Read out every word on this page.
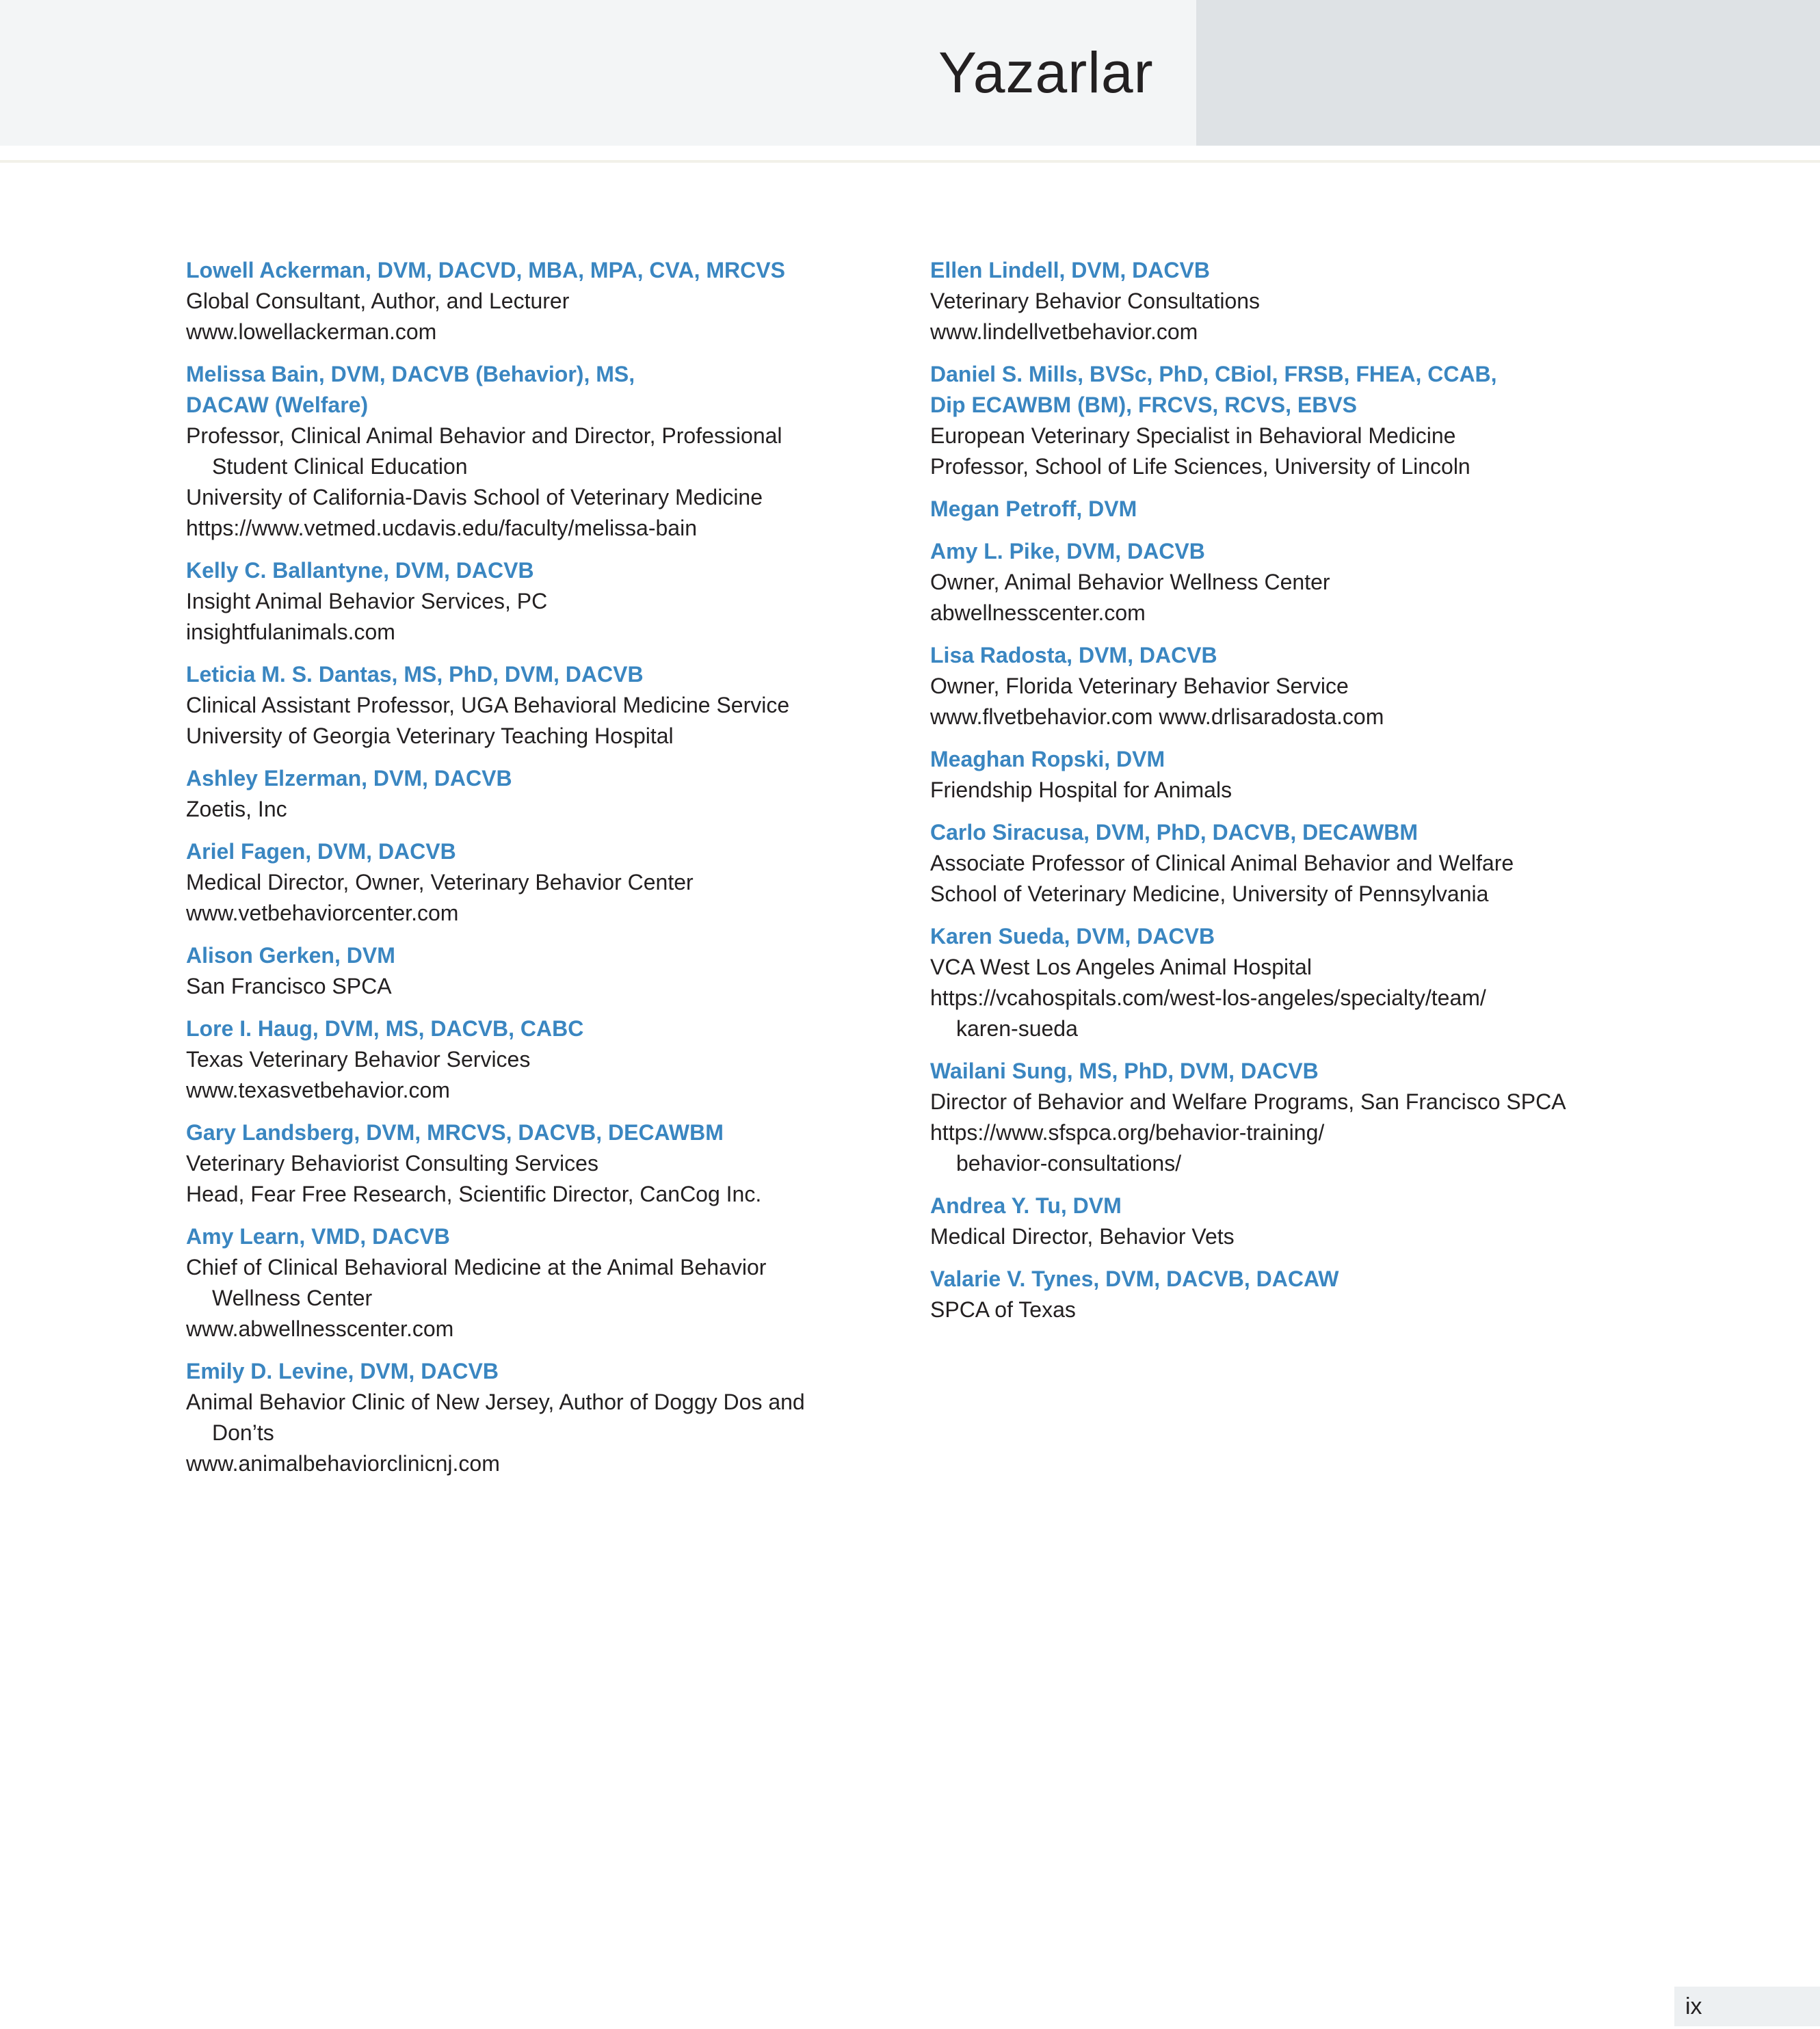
Yazarlar
Lowell Ackerman, DVM, DACVD, MBA, MPA, CVA, MRCVS
Global Consultant, Author, and Lecturer
www.lowellackerman.com
Melissa Bain, DVM, DACVB (Behavior), MS,
DACAW (Welfare)
Professor, Clinical Animal Behavior and Director, Professional
Student Clinical Education
University of California-Davis School of Veterinary Medicine
https://www.vetmed.ucdavis.edu/faculty/melissa-bain
Kelly C. Ballantyne, DVM, DACVB
Insight Animal Behavior Services, PC
insightfulanimals.com
Leticia M. S. Dantas, MS, PhD, DVM, DACVB
Clinical Assistant Professor, UGA Behavioral Medicine Service
University of Georgia Veterinary Teaching Hospital
Ashley Elzerman, DVM, DACVB
Zoetis, Inc
Ariel Fagen, DVM, DACVB
Medical Director, Owner, Veterinary Behavior Center
www.vetbehaviorcenter.com
Alison Gerken, DVM
San Francisco SPCA
Lore I. Haug, DVM, MS, DACVB, CABC
Texas Veterinary Behavior Services
www.texasvetbehavior.com
Gary Landsberg, DVM, MRCVS, DACVB, DECAWBM
Veterinary Behaviorist Consulting Services
Head, Fear Free Research, Scientific Director, CanCog Inc.
Amy Learn, VMD, DACVB
Chief of Clinical Behavioral Medicine at the Animal Behavior
Wellness Center
www.abwellnesscenter.com
Emily D. Levine, DVM, DACVB
Animal Behavior Clinic of New Jersey, Author of Doggy Dos and
Don’ts
www.animalbehaviorclinicnj.com
Ellen Lindell, DVM, DACVB
Veterinary Behavior Consultations
www.lindellvetbehavior.com
Daniel S. Mills, BVSc, PhD, CBiol, FRSB, FHEA, CCAB,
Dip ECAWBM (BM), FRCVS, RCVS, EBVS
European Veterinary Specialist in Behavioral Medicine
Professor, School of Life Sciences, University of Lincoln
Megan Petroff, DVM
Amy L. Pike, DVM, DACVB
Owner, Animal Behavior Wellness Center
abwellnesscenter.com
Lisa Radosta, DVM, DACVB
Owner, Florida Veterinary Behavior Service
www.flvetbehavior.com www.drlisaradosta.com
Meaghan Ropski, DVM
Friendship Hospital for Animals
Carlo Siracusa, DVM, PhD, DACVB, DECAWBM
Associate Professor of Clinical Animal Behavior and Welfare
School of Veterinary Medicine, University of Pennsylvania
Karen Sueda, DVM, DACVB
VCA West Los Angeles Animal Hospital
https://vcahospitals.com/west-los-angeles/specialty/team/
karen-sueda
Wailani Sung, MS, PhD, DVM, DACVB
Director of Behavior and Welfare Programs, San Francisco SPCA
https://www.sfspca.org/behavior-training/
behavior-consultations/
Andrea Y. Tu, DVM
Medical Director, Behavior Vets
Valarie V. Tynes, DVM, DACVB, DACAW
SPCA of Texas
ix
